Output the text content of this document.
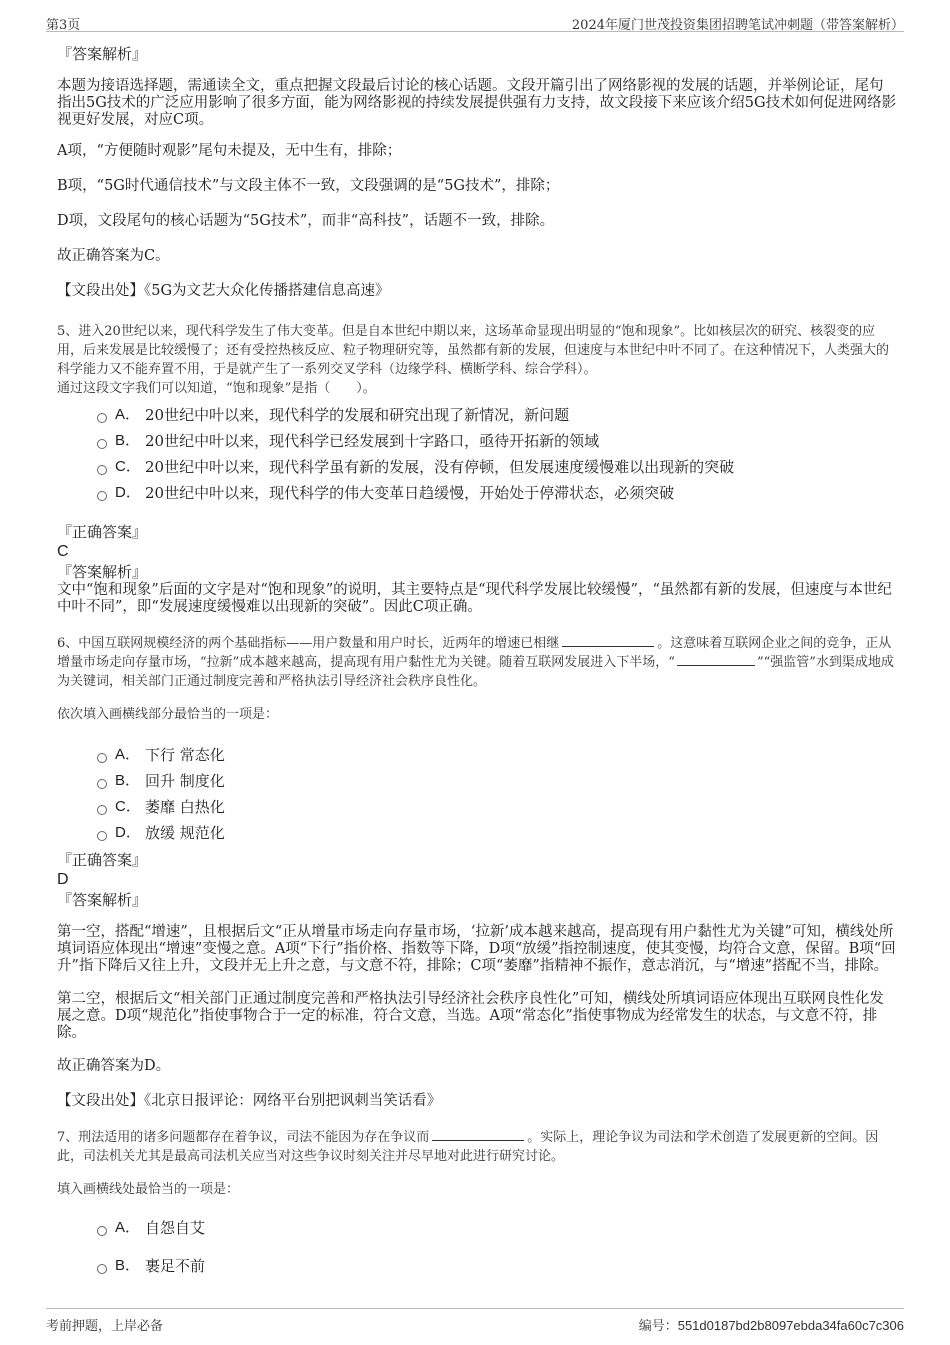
第3页	2024年厦门世茂投资集团招聘笔试冲刺题（带答案解析）
『答案解析』
本题为接语选择题，需通读全文，重点把握文段最后讨论的核心话题。文段开篇引出了网络影视的发展的话题，并举例论证，尾句指出5G技术的广泛应用影响了很多方面，能为网络影视的持续发展提供强有力支持，故文段接下来应该介绍5G技术如何促进网络影视更好发展，对应C项。
A项，“方便随时观影”尾句未提及，无中生有，排除；
B项，“5G时代通信技术”与文段主体不一致，文段强调的是“5G技术”，排除；
D项，文段尾句的核心话题为“5G技术”，而非“高科技”，话题不一致，排除。
故正确答案为C。
【文段出处】《5G为文艺大众化传播搭建信息高速》
5、进入20世纪以来，现代科学发生了伟大变革。但是自本世纪中期以来，这场革命显现出明显的“饱和现象”。比如核层次的研究、核裂变的应用，后来发展是比较缓慢了；还有受控热核反应、粒子物理研究等，虽然都有新的发展，但速度与本世纪中叶不同了。在这种情况下，人类强大的科学能力又不能弃置不用，于是就产生了一系列交叉学科（边缘学科、横断学科、综合学科）。
通过这段文字我们可以知道，“饱和现象”是指（　　）。
A． 20世纪中叶以来，现代科学的发展和研究出现了新情况，新问题
B． 20世纪中叶以来，现代科学已经发展到十字路口，亟待开拓新的领域
C． 20世纪中叶以来，现代科学虽有新的发展，没有停顿，但发展速度缓慢难以出现新的突破
D． 20世纪中叶以来，现代科学的伟大变革日趋缓慢，开始处于停滞状态，必须突破
『正确答案』
C
『答案解析』
文中“饱和现象”后面的文字是对“饱和现象”的说明，其主要特点是“现代科学发展比较缓慢”，“虽然都有新的发展，但速度与本世纪中叶不同”，即“发展速度缓慢难以出现新的突破”。因此C项正确。
6、中国互联网规模经济的两个基础指标——用户数量和用户时长，近两年的增速已相继	。这意味着互联网企业之间的竞争，正从增量市场走向存量市场，“拉新”成本越来越高，提高现有用户黏性尤为关键。随着互联网发展进入下半场，“	”“强监管”水到渠成地成为关键词，相关部门正通过制度完善和严格执法引导经济社会秩序良性化。
依次填入画横线部分最恰当的一项是：
A． 下行 常态化
B． 回升 制度化
C． 萎靡 白热化
D． 放缓 规范化
『正确答案』
D
『答案解析』
第一空，搭配“增速”，且根据后文“正从增量市场走向存量市场，‘拉新’成本越来越高，提高现有用户黏性尤为关键”可知，横线处所填词语应体现出“增速”变慢之意。A项“下行”指价格、指数等下降，D项“放缓”指控制速度，使其变慢，均符合文意，保留。B项“回升”指下降后又往上升，文段并无上升之意，与文意不符，排除；C项“萎靡”指精神不振作，意志消沉，与“增速”搭配不当，排除。
第二空，根据后文“相关部门正通过制度完善和严格执法引导经济社会秩序良性化”可知，横线处所填词语应体现出互联网良性化发展之意。D项“规范化”指使事物合于一定的标准，符合文意，当选。A项“常态化”指使事物成为经常发生的状态，与文意不符，排除。
故正确答案为D。
【文段出处】《北京日报评论：网络平台别把讽刺当笑话看》
7、刑法适用的诸多问题都存在着争议，司法不能因为存在争议而	。实际上，理论争议为司法和学术创造了发展更新的空间。因此，司法机关尤其是最高司法机关应当对这些争议时刻关注并尽早地对此进行研究讨论。
填入画横线处最恰当的一项是：
A． 自怨自艾
B． 裹足不前
考前押题，上岸必备	编号：551d0187bd2b8097ebda34fa60c7c306
